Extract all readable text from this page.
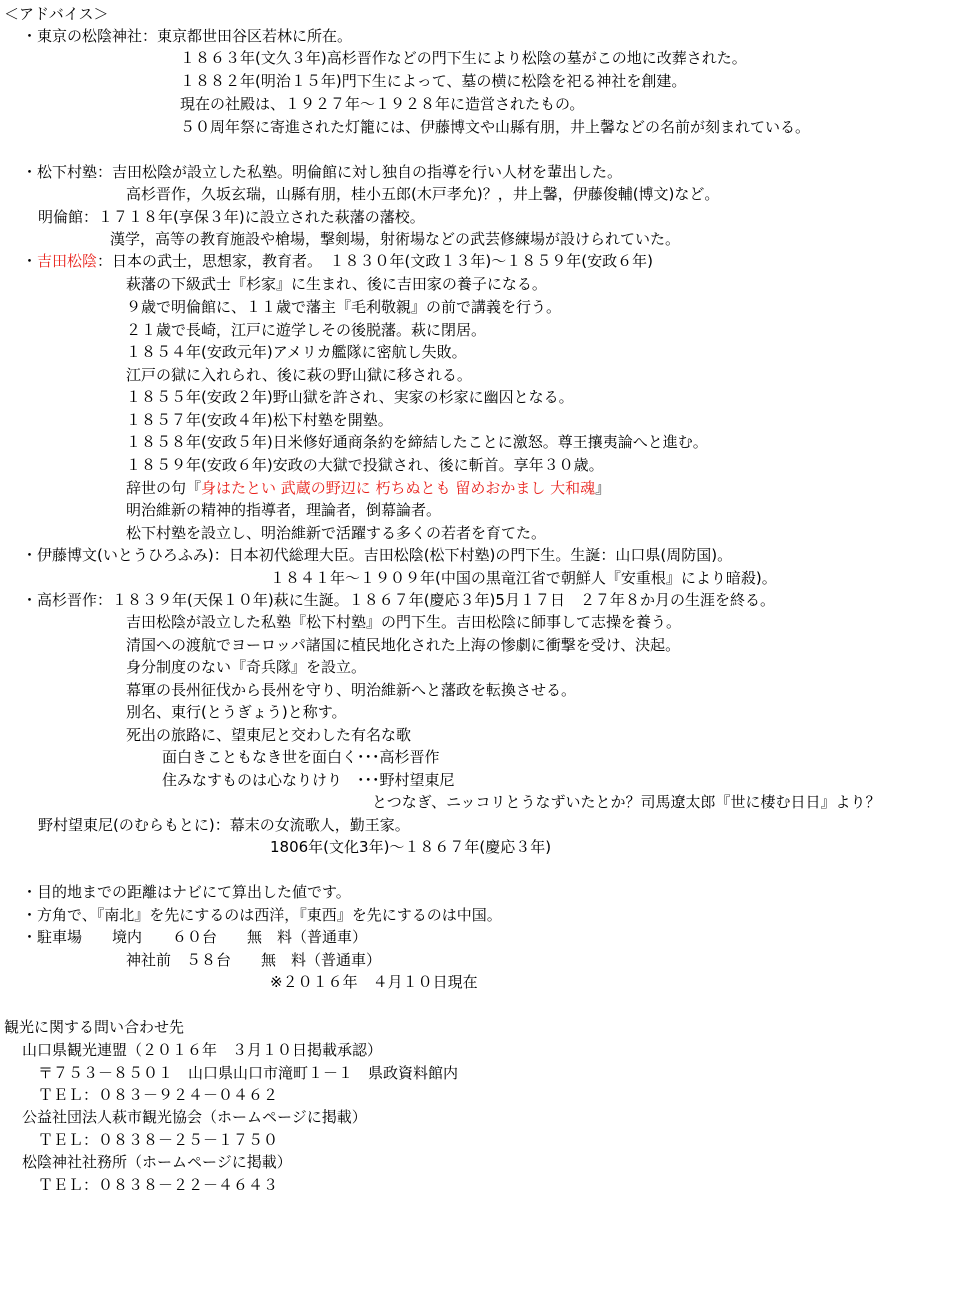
＜アドバイス＞
・東京の松陰神社：東京都世田谷区若林に所在。
１８６３年(文久３年)高杉晋作などの門下生により松陰の墓がこの地に改葬された。
１８８２年(明治１５年)門下生によって、墓の横に松陰を祀る神社を創建。
現在の社殿は、１９２７年～１９２８年に造営されたもの。
５０周年祭に寄進された灯籠には、伊藤博文や山縣有朋，井上馨などの名前が刻まれている。
・松下村塾：吉田松陰が設立した私塾。明倫館に対し独自の指導を行い人材を輩出した。
高杉晋作，久坂玄瑞，山縣有朋，桂小五郎(木戸孝允)？，井上馨，伊藤俊輔(博文)など。
明倫館：１７１８年(享保３年)に設立された萩藩の藩校。
漢学，高等の教育施設や槍場，撃剣場，射術場などの武芸修練場が設けられていた。
・吉田松陰：日本の武士，思想家，教育者。　１８３０年(文政１３年)～１８５９年(安政６年)
萩藩の下級武士『杉家』に生まれ、後に吉田家の養子になる。
９歳で明倫館に、１１歳で藩主『毛利敬親』の前で講義を行う。
２１歳で長崎，江戸に遊学しその後脱藩。萩に閉居。
１８５４年(安政元年)アメリカ艦隊に密航し失敗。
江戸の獄に入れられ、後に萩の野山獄に移される。
１８５５年(安政２年)野山獄を許され、実家の杉家に幽囚となる。
１８５７年(安政４年)松下村塾を開塾。
１８５８年(安政５年)日米修好通商条約を締結したことに激怒。尊王攘夷論へと進む。
１８５９年(安政６年)安政の大獄で投獄され、後に斬首。享年３０歳。
辞世の句『身はたとい 武蔵の野辺に 朽ちぬとも 留めおかまし 大和魂』
明治維新の精神的指導者，理論者，倒幕論者。
松下村塾を設立し、明治維新で活躍する多くの若者を育てた。
・伊藤博文(いとうひろふみ)：日本初代総理大臣。吉田松陰(松下村塾)の門下生。生誕：山口県(周防国)。
１８４１年～１９０９年(中国の黒竜江省で朝鮮人『安重根』により暗殺)。
・高杉晋作：１８３９年(天保１０年)萩に生誕。１８６７年(慶応３年)5月１７日　２７年８か月の生涯を終る。
吉田松陰が設立した私塾『松下村塾』の門下生。吉田松陰に師事して志操を養う。
清国への渡航でヨーロッパ諸国に植民地化された上海の惨劇に衝撃を受け、決起。
身分制度のない『奇兵隊』を設立。
幕軍の長州征伐から長州を守り、明治維新へと藩政を転換させる。
別名、東行(とうぎょう)と称す。
死出の旅路に、望東尼と交わした有名な歌
面白きこともなき世を面白く･･･高杉晋作
住みなすものは心なりけり　･･･野村望東尼
とつなぎ、ニッコリとうなずいたとか？司馬遼太郎『世に棲む日日』より？
野村望東尼(のむらもとに)：幕末の女流歌人，勤王家。
1806年(文化3年)～１８６７年(慶応３年)
・目的地までの距離はナビにて算出した値です。
・方角で、『南北』を先にするのは西洋，『東西』を先にするのは中国。
・駐車場　　境内　　６０台　　無　料（普通車）
神社前　５８台　　無　料（普通車）
※２０１６年　４月１０日現在
観光に関する問い合わせ先
山口県観光連盟（２０１６年　３月１０日掲載承認）
〒７５３－８５０１　山口県山口市滝町１－１　県政資料館内
ＴＥＬ：０８３－９２４－０４６２
公益社団法人萩市観光協会（ホームページに掲載）
ＴＥＬ：０８３８－２５－１７５０
松陰神社社務所（ホームページに掲載）
ＴＥＬ：０８３８－２２－４６４３
